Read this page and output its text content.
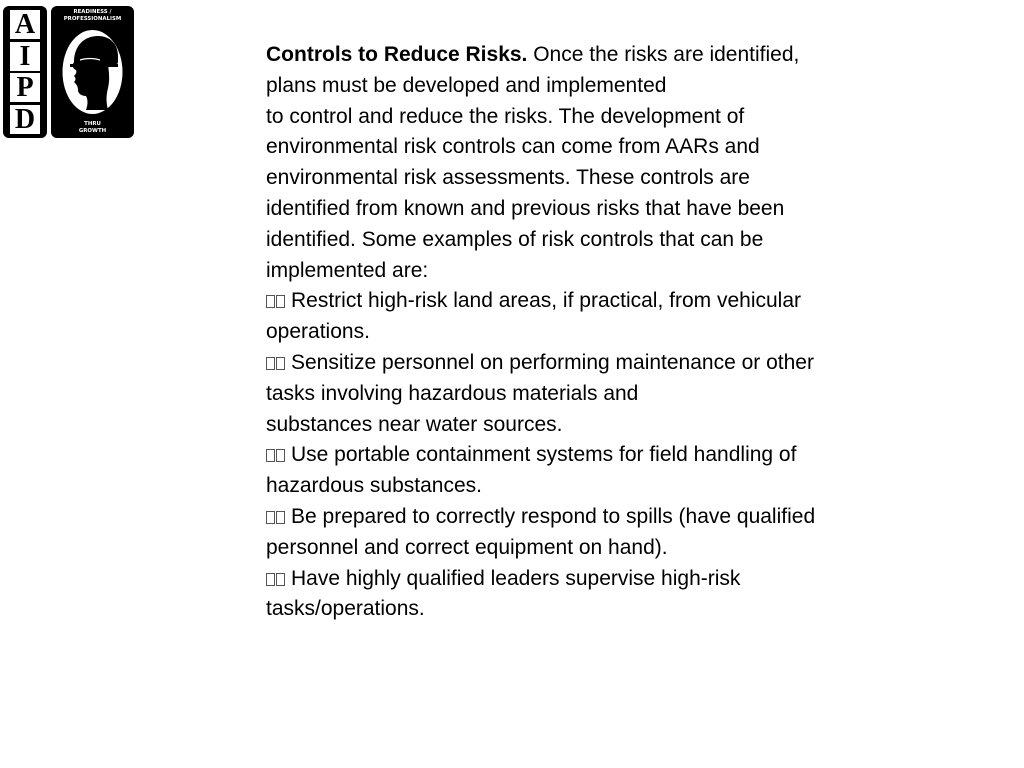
A
I
P
D
READINESS /
PROFESSIONALISM
THRU
GROWTH

Controls to Reduce Risks. Once the risks are identified,
plans must be developed and implemented
to control and reduce the risks. The development of
environmental risk controls can come from AARs and
environmental risk assessments. These controls are
identified from known and previous risks that have been
identified. Some examples of risk controls that can be
implemented are:

Restrict high-risk land areas, if practical, from vehicular
operations.

Sensitize personnel on performing maintenance or other
tasks involving hazardous materials and
substances near water sources.

Use portable containment systems for field handling of
hazardous substances.

Be prepared to correctly respond to spills (have qualified
personnel and correct equipment on hand).

Have highly qualified leaders supervise high-risk
tasks/operations.
